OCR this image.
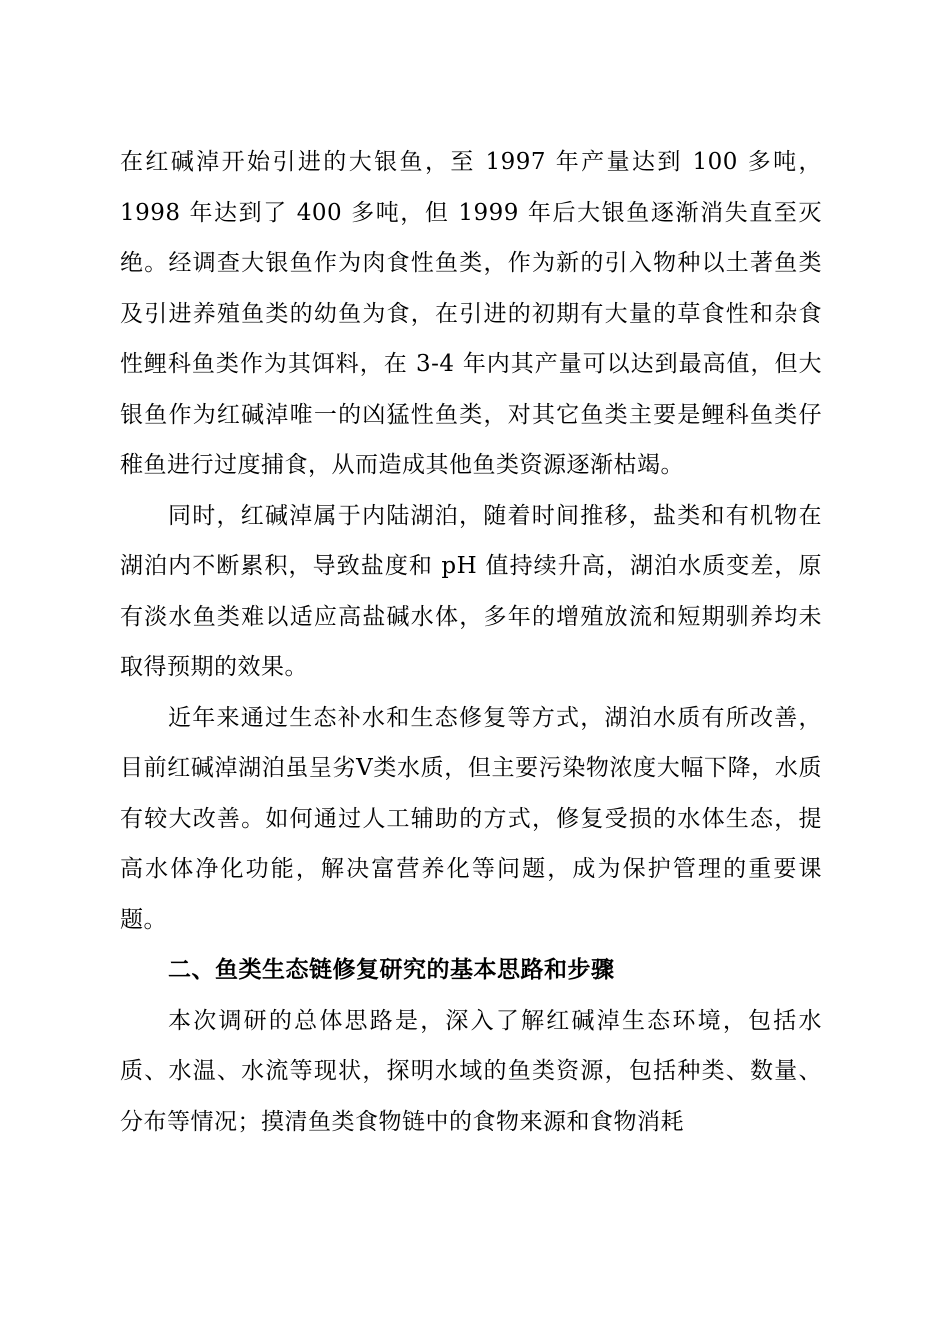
在红碱淖开始引进的大银鱼，至 1997 年产量达到 100 多吨，1998 年达到了 400 多吨，但 1999 年后大银鱼逐渐消失直至灭绝。经调查大银鱼作为肉食性鱼类，作为新的引入物种以土著鱼类及引进养殖鱼类的幼鱼为食，在引进的初期有大量的草食性和杂食性鲤科鱼类作为其饵料，在 3-4 年内其产量可以达到最高值，但大银鱼作为红碱淖唯一的凶猛性鱼类，对其它鱼类主要是鲤科鱼类仔稚鱼进行过度捕食，从而造成其他鱼类资源逐渐枯竭。

同时，红碱淖属于内陆湖泊，随着时间推移，盐类和有机物在湖泊内不断累积，导致盐度和 pH 值持续升高，湖泊水质变差，原有淡水鱼类难以适应高盐碱水体，多年的增殖放流和短期驯养均未取得预期的效果。

近年来通过生态补水和生态修复等方式，湖泊水质有所改善，目前红碱淖湖泊虽呈劣Ⅴ类水质，但主要污染物浓度大幅下降，水质有较大改善。如何通过人工辅助的方式，修复受损的水体生态，提高水体净化功能，解决富营养化等问题，成为保护管理的重要课题。

二、鱼类生态链修复研究的基本思路和步骤

本次调研的总体思路是，深入了解红碱淖生态环境，包括水质、水温、水流等现状，探明水域的鱼类资源，包括种类、数量、分布等情况；摸清鱼类食物链中的食物来源和食物消耗
